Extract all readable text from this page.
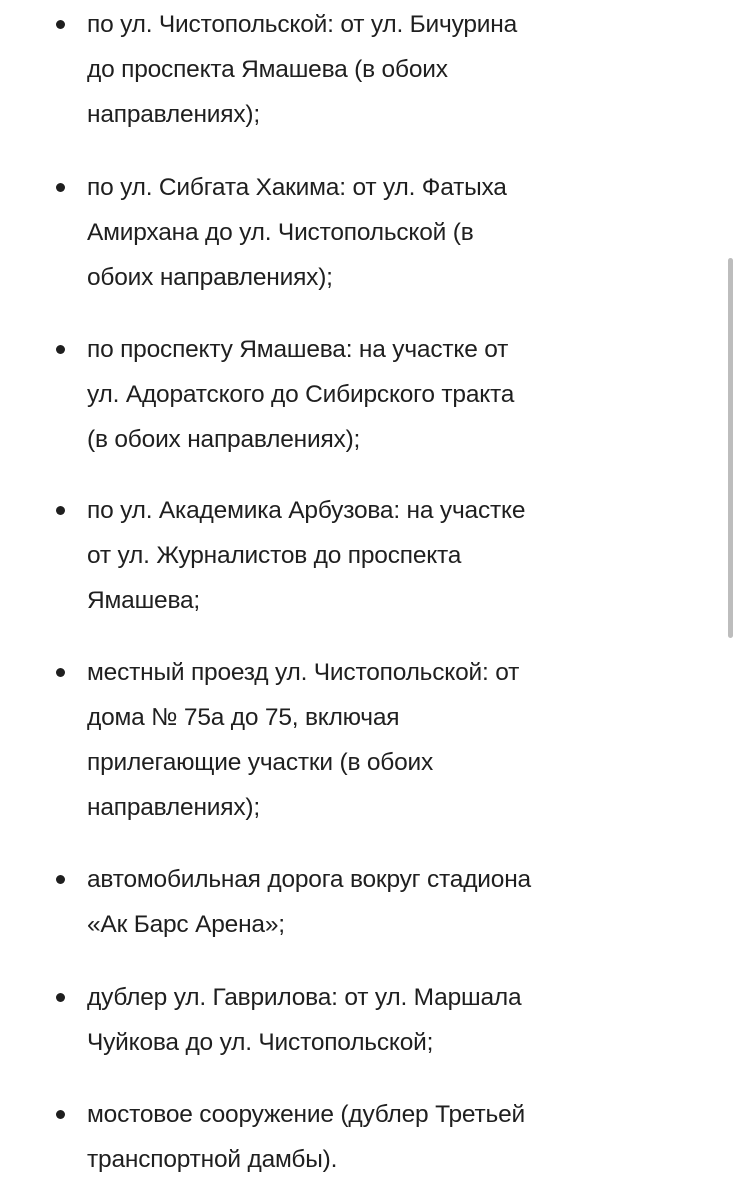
по ул. Чистопольской: от ул. Бичурина
до проспекта Ямашева (в обоих
направлениях);
по ул. Сибгата Хакима: от ул. Фатыха
Амирхана до ул. Чистопольской (в
обоих направлениях);
по проспекту Ямашева: на участке от
ул. Адоратского до Сибирского тракта
(в обоих направлениях);
по ул. Академика Арбузова: на участке
от ул. Журналистов до проспекта
Ямашева;
местный проезд ул. Чистопольской: от
дома № 75а до 75, включая
прилегающие участки (в обоих
направлениях);
автомобильная дорога вокруг стадиона
«Ак Барс Арена»;
дублер ул. Гаврилова: от ул. Маршала
Чуйкова до ул. Чистопольской;
мостовое сооружение (дублер Третьей
транспортной дамбы).
